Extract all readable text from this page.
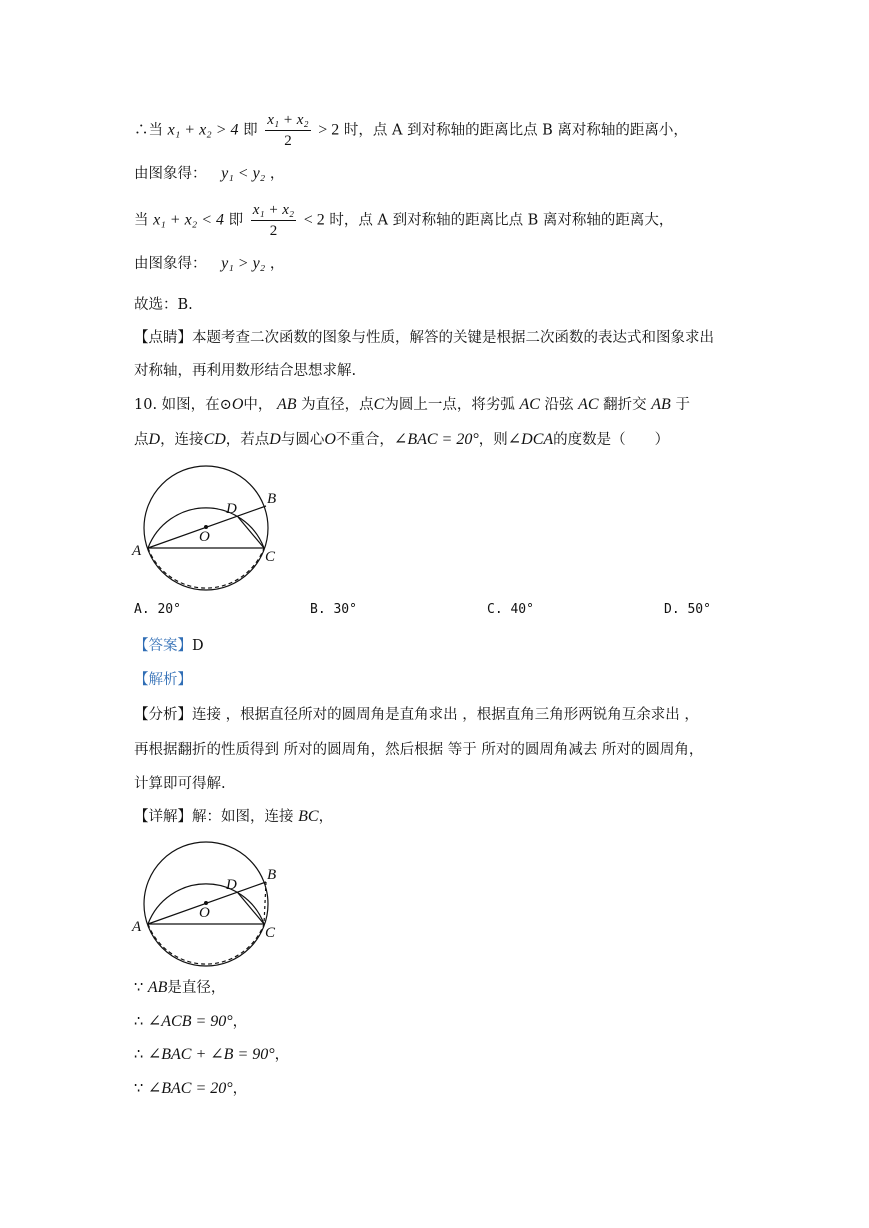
∴当 x₁ + x₂ > 4 即 $\frac{\text{x₁ + x₂}}{2} > 2$ 时，点 A 到对称轴的距离比点 B 离对称轴的距离小，
由图象得： y₁ < y₂ ，
当 x₁ + x₂ < 4 即 $\frac{\text{x₁ + x₂}}{2} < 2$ 时，点 A 到对称轴的距离比点 B 离对称轴的距离大，
由图象得： y₁ > y₂ ，
故选：B.
【点睛】本题考查二次函数的图象与性质，解答的关键是根据二次函数的表达式和图象求出
对称轴，再利用数形结合思想求解.
10. 如图，在⊙O中， AB 为直径，点C为圆上一点，将劣弧 AC 沿弦 AC 翻折交 AB 于
点D，连接CD，若点D与圆心O不重合，∠BAC = 20°，则∠DCA的度数是（　　）
A
B
C
D
O
A. 20°	B. 30°	C. 40°	D. 50°
【答案】D
【解析】
【分析】连接 ，根据直径所对的圆周角是直角求出 ，根据直角三角形两锐角互余求出 ，
再根据翻折的性质得到 所对的圆周角，然后根据 等于 所对的圆周角减去 所对的圆周角，
计算即可得解.
【详解】解：如图，连接 BC，
A
B
C
D
O
∵ AB是直径，
∴ ∠ACB = 90°，
∴ ∠BAC + ∠B = 90°，
∵ ∠BAC = 20°，
